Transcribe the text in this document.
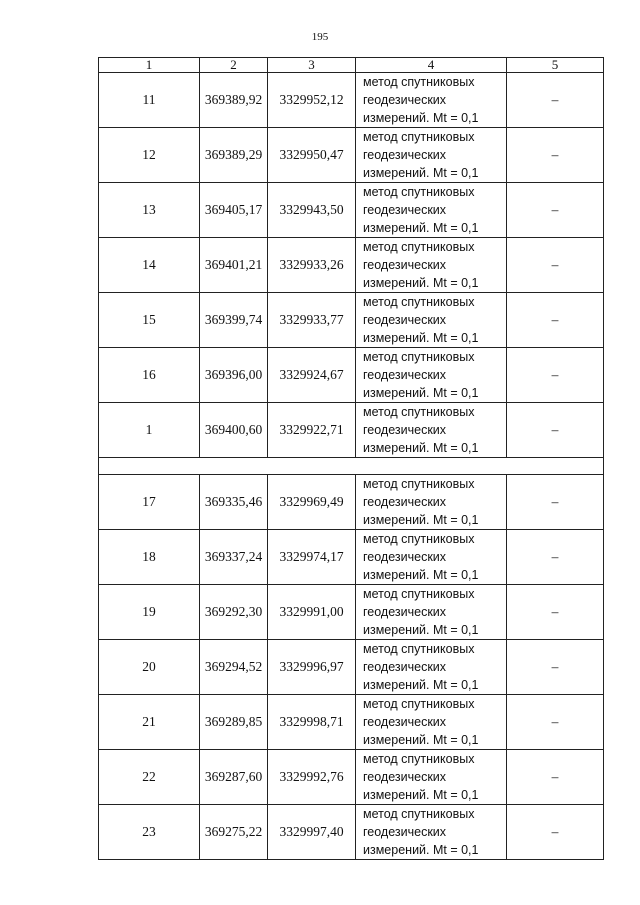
195
1	2	3	4	5
11	369389,92	3329952,12	метод спутниковых
геодезических
измерений. Mt = 0,1	–
12	369389,29	3329950,47	метод спутниковых
геодезических
измерений. Mt = 0,1	–
13	369405,17	3329943,50	метод спутниковых
геодезических
измерений. Mt = 0,1	–
14	369401,21	3329933,26	метод спутниковых
геодезических
измерений. Mt = 0,1	–
15	369399,74	3329933,77	метод спутниковых
геодезических
измерений. Mt = 0,1	–
16	369396,00	3329924,67	метод спутниковых
геодезических
измерений. Mt = 0,1	–
1	369400,60	3329922,71	метод спутниковых
геодезических
измерений. Mt = 0,1	–

17	369335,46	3329969,49	метод спутниковых
геодезических
измерений. Mt = 0,1	–
18	369337,24	3329974,17	метод спутниковых
геодезических
измерений. Mt = 0,1	–
19	369292,30	3329991,00	метод спутниковых
геодезических
измерений. Mt = 0,1	–
20	369294,52	3329996,97	метод спутниковых
геодезических
измерений. Mt = 0,1	–
21	369289,85	3329998,71	метод спутниковых
геодезических
измерений. Mt = 0,1	–
22	369287,60	3329992,76	метод спутниковых
геодезических
измерений. Mt = 0,1	–
23	369275,22	3329997,40	метод спутниковых
геодезических
измерений. Mt = 0,1	–
